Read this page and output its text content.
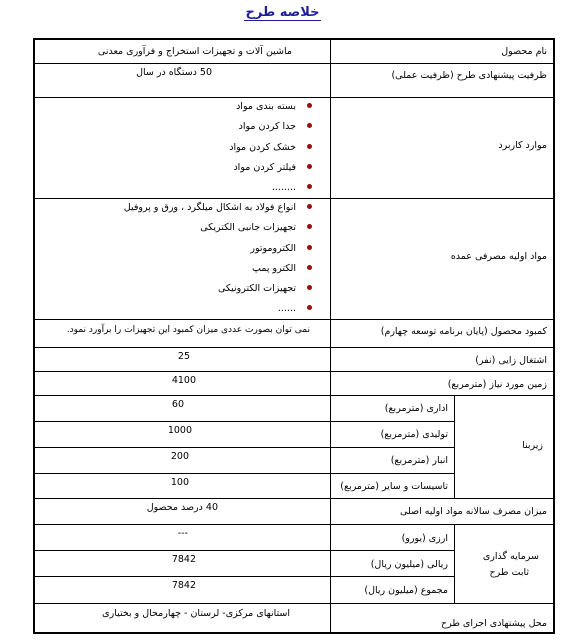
خلاصه طرح
نام محصول
ماشین آلات و تجهیزات استخراج و فرآوری معدنی
ظرفیت پیشنهادی طرح (ظرفیت عملی)
50 دستگاه در سال
موارد کاربرد
بسته بندی مواد
جدا کردن مواد
خشک کردن مواد
فیلتر کردن مواد
........
مواد اولیه مصرفی عمده
انواع فولاد به اشکال میلگرد ، ورق و پروفیل
تجهیزات جانبی الکتریکی
الکتروموتور
الکترو پمپ
تجهیزات الکترونیکی
......
کمبود محصول (پایان برنامه توسعه چهارم)
نمی توان بصورت عددی میزان کمبود این تجهیزات را برآورد نمود.
اشتغال زایی (نفر)
25
زمین مورد نیاز (مترمربع)
4100
زیربنا
اداری (مترمربع)
60
تولیدی (مترمربع)
1000
انبار (مترمربع)
200
تاسیسات و سایر (مترمربع)
100
میزان مصرف سالانه مواد اولیه اصلی
40 درصد محصول
سرمایه گذاری
ثابت طرح
ارزی (یورو)
---
ریالی (میلیون ریال)
7842
مجموع (میلیون ریال)
7842
محل پیشنهادی اجرای طرح
استانهای مرکزی- لرستان - چهارمحال و بختیاری
